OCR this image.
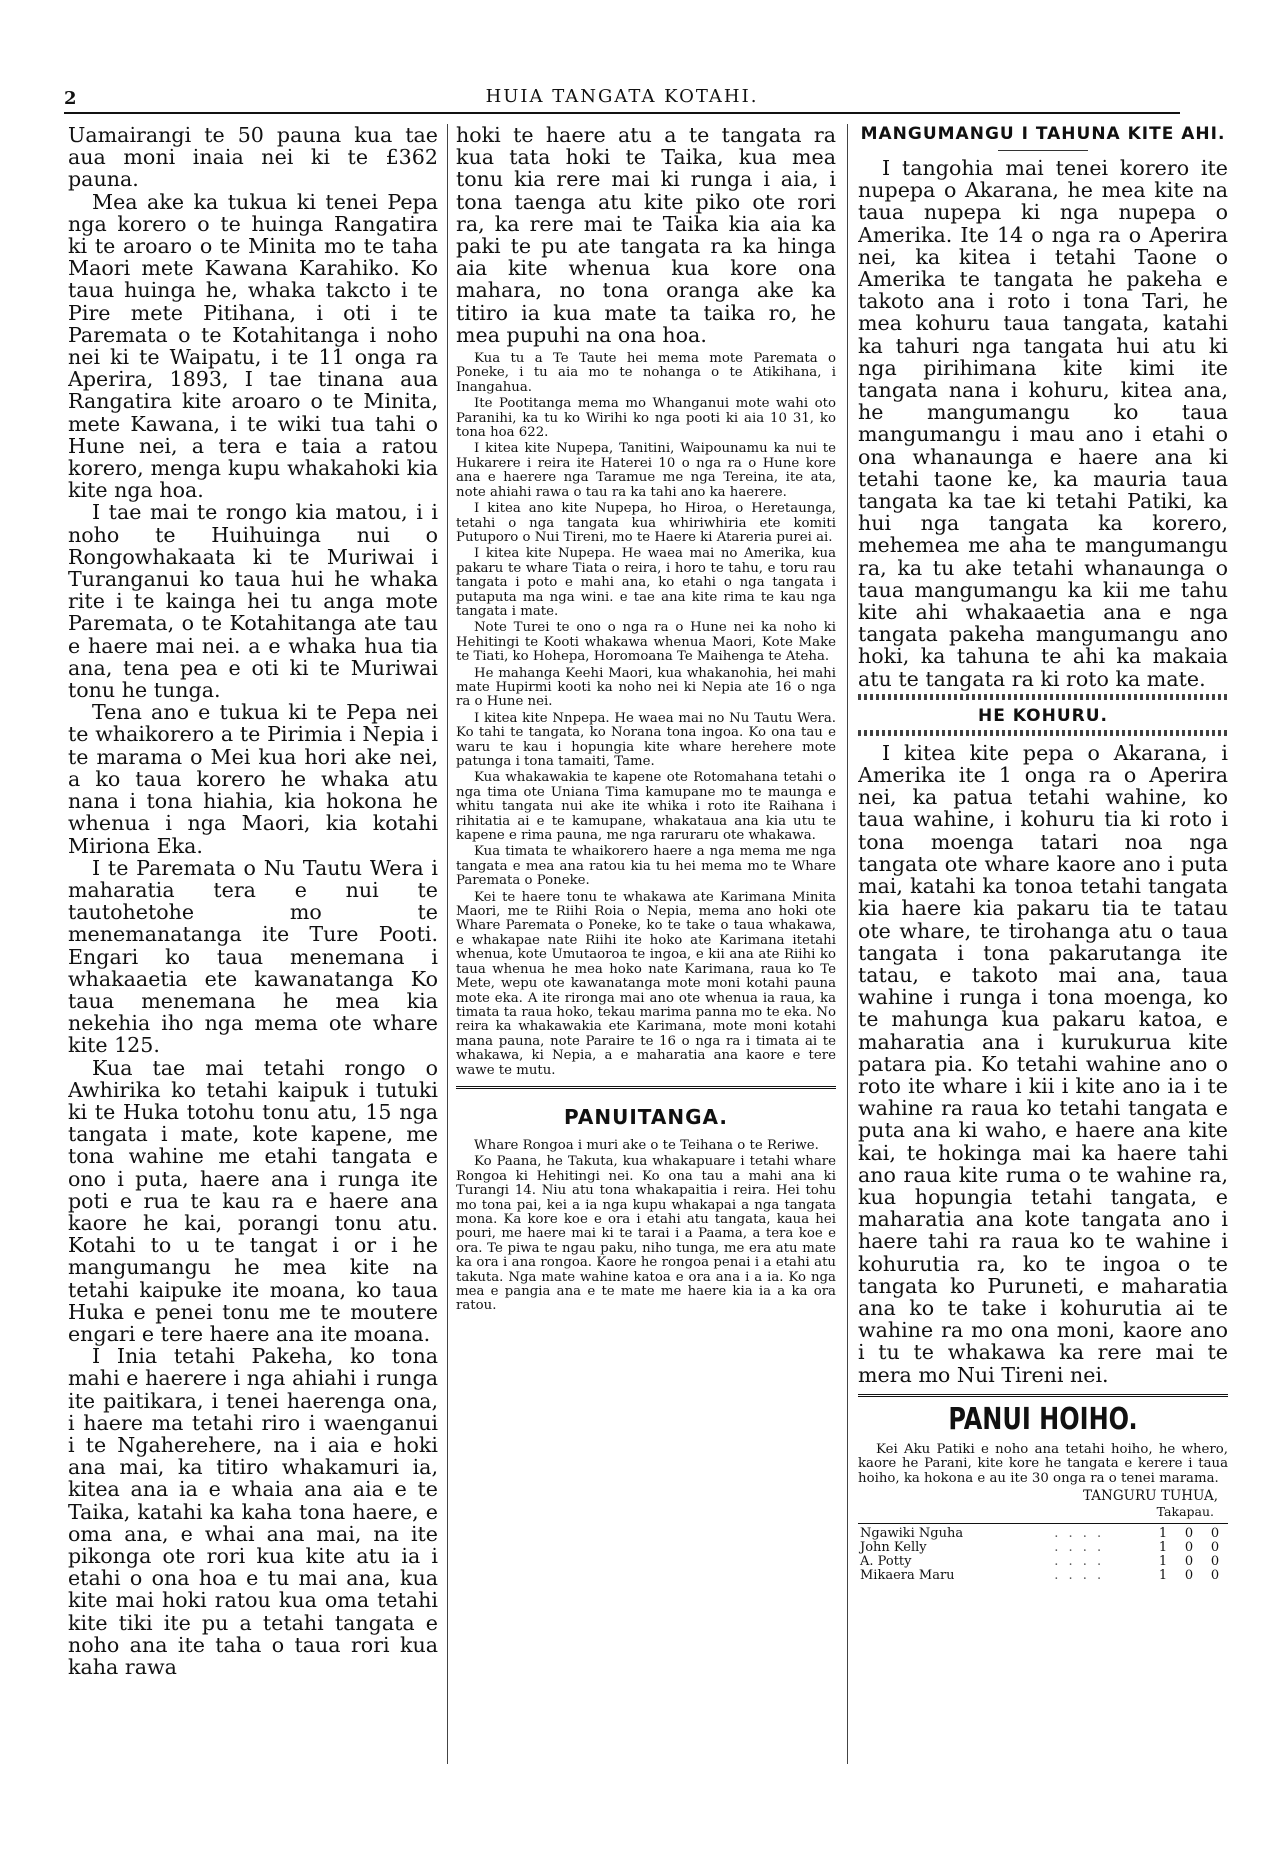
2	HUIA TANGATA KOTAHI.

Uamairangi te 50 pauna kua tae aua moni inaia nei ki te £362 pauna.

Mea ake ka tukua ki tenei Pepa nga korero o te huinga Rangatira ki te aroaro o te Minita mo te taha Maori mete Kawana Karahiko. Ko taua huinga he, whaka takcto i te Pire mete Pitihana, i oti i te Paremata o te Kotahitanga i noho nei ki te Waipatu, i te 11 onga ra Aperira, 1893, I tae tinana aua Rangatira kite aroaro o te Minita, mete Kawana, i te wiki tua tahi o Hune nei, a tera e taia a ratou korero, menga kupu whakahoki kia kite nga hoa.

I tae mai te rongo kia matou, i i noho te Huihuinga nui o Rongowhakaata ki te Muriwai i Turanganui ko taua hui he whaka rite i te kainga hei tu anga mote Paremata, o te Kotahitanga ate tau e haere mai nei. a e whaka hua tia ana, tena pea e oti ki te Muriwai tonu he tunga.

Tena ano e tukua ki te Pepa nei te whaikorero a te Pirimia i Nepia i te marama o Mei kua hori ake nei, a ko taua korero he whaka atu nana i tona hiahia, kia hokona he whenua i nga Maori, kia kotahi Miriona Eka.

I te Paremata o Nu Tautu Wera i maharatia tera e nui te tautohetohe mo te menemanatanga ite Ture Pooti. Engari ko taua menemana i whakaaetia ete kawanatanga Ko taua menemana he mea kia nekehia iho nga mema ote whare kite 125.

Kua tae mai tetahi rongo o Awhirika ko tetahi kaipuk i tutuki ki te Huka totohu tonu atu, 15 nga tangata i mate, kote kapene, me tona wahine me etahi tangata e ono i puta, haere ana i runga ite poti e rua te kau ra e haere ana kaore he kai, porangi tonu atu. Kotahi to u te tangat i or i he mangumangu he mea kite na tetahi kaipuke ite moana, ko taua Huka e penei tonu me te moutere engari e tere haere ana ite moana.

I Inia tetahi Pakeha, ko tona mahi e haerere i nga ahiahi i runga ite paitikara, i tenei haerenga ona, i haere ma tetahi riro i waenganui i te Ngaherehere, na i aia e hoki ana mai, ka titiro whakamuri ia, kitea ana ia e whaia ana aia e te Taika, katahi ka kaha tona haere, e oma ana, e whai ana mai, na ite pikonga ote rori kua kite atu ia i etahi o ona hoa e tu mai ana, kua kite mai hoki ratou kua oma tetahi kite tiki ite pu a tetahi tangata e noho ana ite taha o taua rori kua kaha rawa

hoki te haere atu a te tangata ra kua tata hoki te Taika, kua mea tonu kia rere mai ki runga i aia, i tona taenga atu kite piko ote rori ra, ka rere mai te Taika kia aia ka paki te pu ate tangata ra ka hinga aia kite whenua kua kore ona mahara, no tona oranga ake ka titiro ia kua mate ta taika ro, he mea pupuhi na ona hoa.

Kua tu a Te Taute hei mema mote Paremata o Poneke, i tu aia mo te nohanga o te Atikihana, i Inangahua.

Ite Pootitanga mema mo Whanganui mote wahi oto Paranihi, ka tu ko Wirihi ko nga pooti ki aia 10 31, ko tona hoa 622.

I kitea kite Nupepa, Tanitini, Waipounamu ka nui te Hukarere i reira ite Haterei 10 o nga ra o Hune kore ana e haerere nga Taramue me nga Tereina, ite ata, note ahiahi rawa o tau ra ka tahi ano ka haerere.

I kitea ano kite Nupepa, ho Hiroa, o Heretaunga, tetahi o nga tangata kua whiriwhiria ete komiti Putuporo o Nui Tireni, mo te Haere ki Atareria purei ai.

I kitea kite Nupepa. He waea mai no Amerika, kua pakaru te whare Tiata o reira, i horo te tahu, e toru rau tangata i poto e mahi ana, ko etahi o nga tangata i putaputa ma nga wini. e tae ana kite rima te kau nga tangata i mate.

Note Turei te ono o nga ra o Hune nei ka noho ki Hehitingi te Kooti whakawa whenua Maori, Kote Make te Tiati, ko Hohepa, Horomoana Te Maihenga te Ateha.

He mahanga Keehi Maori, kua whakanohia, hei mahi mate Hupirmi kooti ka noho nei ki Nepia ate 16 o nga ra o Hune nei.

I kitea kite Nnpepa. He waea mai no Nu Tautu Wera. Ko tahi te tangata, ko Norana tona ingoa. Ko ona tau e waru te kau i hopungia kite whare herehere mote patunga i tona tamaiti, Tame.

Kua whakawakia te kapene ote Rotomahana tetahi o nga tima ote Uniana Tima kamupane mo te maunga e whitu tangata nui ake ite whika i roto ite Raihana i rihitatia ai e te kamupane, whakataua ana kia utu te kapene e rima pauna, me nga raruraru ote whakawa.

Kua timata te whaikorero haere a nga mema me nga tangata e mea ana ratou kia tu hei mema mo te Whare Paremata o Poneke.

Kei te haere tonu te whakawa ate Karimana Minita Maori, me te Riihi Roia o Nepia, mema ano hoki ote Whare Paremata o Poneke, ko te take o taua whakawa, e whakapae nate Riihi ite hoko ate Karimana itetahi whenua, kote Umutaoroa te ingoa, e kii ana ate Riihi ko taua whenua he mea hoko nate Karimana, raua ko Te Mete, wepu ote kawanatanga mote moni kotahi pauna mote eka. A ite rironga mai ano ote whenua ia raua, ka timata ta raua hoko, tekau marima panna mo te eka. No reira ka whakawakia ete Karimana, mote moni kotahi mana pauna, note Paraire te 16 o nga ra i timata ai te whakawa, ki Nepia, a e maharatia ana kaore e tere wawe te mutu.

PANUITANGA.

Whare Rongoa i muri ake o te Teihana o te Reriwe.

Ko Paana, he Takuta, kua whakapuare i tetahi whare Rongoa ki Hehitingi nei. Ko ona tau a mahi ana ki Turangi 14. Niu atu tona whakapaitia i reira. Hei tohu mo tona pai, kei a ia nga kupu whakapai a nga tangata mona. Ka kore koe e ora i etahi atu tangata, kaua hei pouri, me haere mai ki te tarai i a Paama, a tera koe e ora. Te piwa te ngau paku, niho tunga, me era atu mate ka ora i ana rongoa. Kaore he rongoa penai i a etahi atu takuta. Nga mate wahine katoa e ora ana i a ia. Ko nga mea e pangia ana e te mate me haere kia ia a ka ora ratou.

MANGUMANGU I TAHUNA KITE AHI.

I tangohia mai tenei korero ite nupepa o Akarana, he mea kite na taua nupepa ki nga nupepa o Amerika. Ite 14 o nga ra o Aperira nei, ka kitea i tetahi Taone o Amerika te tangata he pakeha e takoto ana i roto i tona Tari, he mea kohuru taua tangata, katahi ka tahuri nga tangata hui atu ki nga pirihimana kite kimi ite tangata nana i kohuru, kitea ana, he mangumangu ko taua mangumangu i mau ano i etahi o ona whanaunga e haere ana ki tetahi taone ke, ka mauria taua tangata ka tae ki tetahi Patiki, ka hui nga tangata ka korero, mehemea me aha te mangumangu ra, ka tu ake tetahi whanaunga o taua mangumangu ka kii me tahu kite ahi whakaaetia ana e nga tangata pakeha mangumangu ano hoki, ka tahuna te ahi ka makaia atu te tangata ra ki roto ka mate.

HE KOHURU.

I kitea kite pepa o Akarana, i Amerika ite 1 onga ra o Aperira nei, ka patua tetahi wahine, ko taua wahine, i kohuru tia ki roto i tona moenga tatari noa nga tangata ote whare kaore ano i puta mai, katahi ka tonoa tetahi tangata kia haere kia pakaru tia te tatau ote whare, te tirohanga atu o taua tangata i tona pakarutanga ite tatau, e takoto mai ana, taua wahine i runga i tona moenga, ko te mahunga kua pakaru katoa, e maharatia ana i kurukurua kite patara pia. Ko tetahi wahine ano o roto ite whare i kii i kite ano ia i te wahine ra raua ko tetahi tangata e puta ana ki waho, e haere ana kite kai, te hokinga mai ka haere tahi ano raua kite ruma o te wahine ra, kua hopungia tetahi tangata, e maharatia ana kote tangata ano i haere tahi ra raua ko te wahine i kohurutia ra, ko te ingoa o te tangata ko Puruneti, e maharatia ana ko te take i kohurutia ai te wahine ra mo ona moni, kaore ano i tu te whakawa ka rere mai te mera mo Nui Tireni nei.

PANUI HOIHO.

Kei Aku Patiki e noho ana tetahi hoiho, he whero, kaore he Parani, kite kore he tangata e kerere i taua hoiho, ka hokona e au ite 30 onga ra o tenei marama.

TANGURU TUHUA,
Takapau.
Ngawiki Nguha	. . . .	1	0	0
John Kelly	. . . .	1	0	0
A. Potty	. . . .	1	0	0
Mikaera Maru	. . . .	1	0	0
